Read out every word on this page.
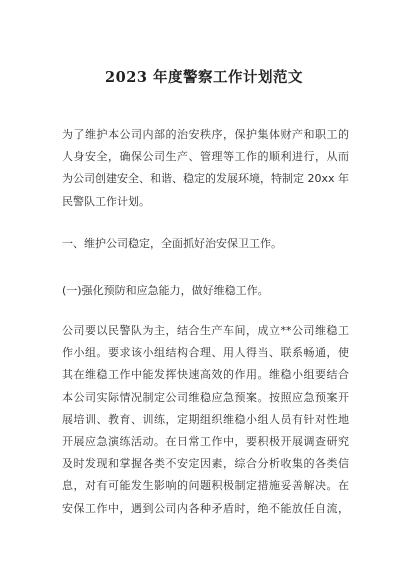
2023 年度警察工作计划范文
为了维护本公司内部的治安秩序，保护集体财产和职工的
人身安全，确保公司生产、管理等工作的顺利进行，从而
为公司创建安全、和谐、稳定的发展环境，特制定 20xx 年
民警队工作计划。
一、维护公司稳定，全面抓好治安保卫工作。
(一)强化预防和应急能力，做好维稳工作。
公司要以民警队为主，结合生产车间，成立**公司维稳工
作小组。要求该小组结构合理、用人得当、联系畅通，使
其在维稳工作中能发挥快速高效的作用。维稳小组要结合
本公司实际情况制定公司维稳应急预案。按照应急预案开
展培训、教育、训练，定期组织维稳小组人员有针对性地
开展应急演练活动。在日常工作中，要积极开展调查研究
及时发现和掌握各类不安定因素，综合分析收集的各类信
息，对有可能发生影响的问题积极制定措施妥善解决。在
安保工作中，遇到公司内各种矛盾时，绝不能放任自流，
